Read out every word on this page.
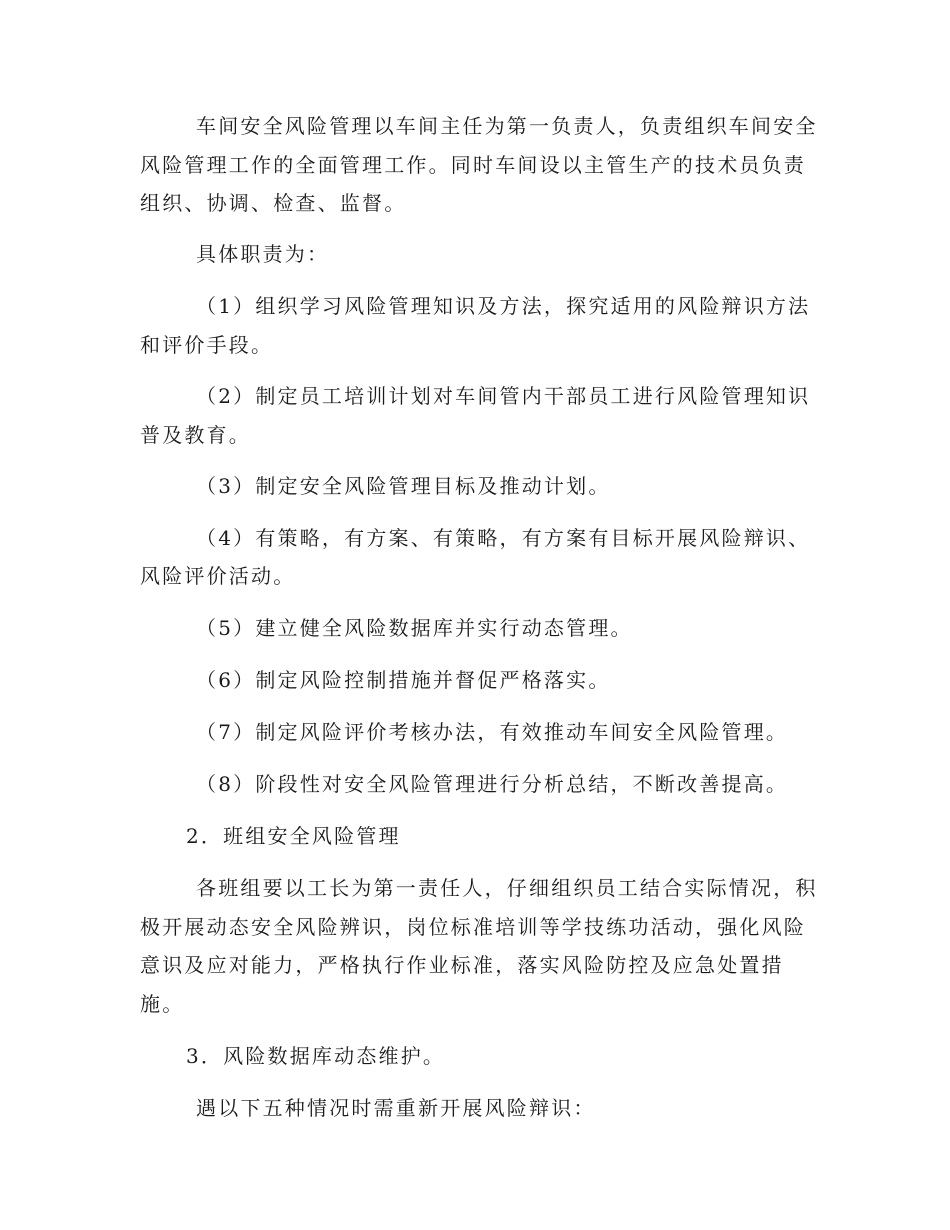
车间安全风险管理以车间主任为第一负责人，负责组织车间安全
风险管理工作的全面管理工作。同时车间设以主管生产的技术员负责
组织、协调、检查、监督。
具体职责为：
（1）组织学习风险管理知识及方法，探究适用的风险辩识方法
和评价手段。
（2）制定员工培训计划对车间管内干部员工进行风险管理知识
普及教育。
（3）制定安全风险管理目标及推动计划。
（4）有策略，有方案、有策略，有方案有目标开展风险辩识、
风险评价活动。
（5）建立健全风险数据库并实行动态管理。
（6）制定风险控制措施并督促严格落实。
（7）制定风险评价考核办法，有效推动车间安全风险管理。
（8）阶段性对安全风险管理进行分析总结，不断改善提高。
2．班组安全风险管理
各班组要以工长为第一责任人，仔细组织员工结合实际情况，积
极开展动态安全风险辨识，岗位标准培训等学技练功活动，强化风险
意识及应对能力，严格执行作业标准，落实风险防控及应急处置措
施。
3．风险数据库动态维护。
遇以下五种情况时需重新开展风险辩识：
